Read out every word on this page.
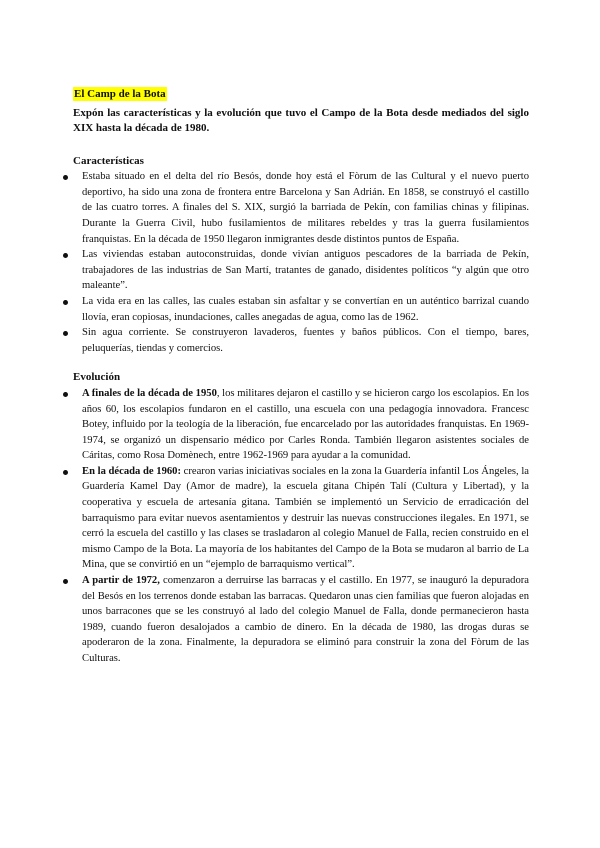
El Camp de la Bota

Expón las características y la evolución que tuvo el Campo de la Bota desde mediados del siglo XIX hasta la década de 1980.

Características
Estaba situado en el delta del río Besós, donde hoy está el Fòrum de las Cultural y el nuevo puerto deportivo, ha sido una zona de frontera entre Barcelona y San Adrián. En 1858, se construyó el castillo de las cuatro torres. A finales del S. XIX, surgió la barriada de Pekín, con familias chinas y filipinas. Durante la Guerra Civil, hubo fusilamientos de militares rebeldes y tras la guerra fusilamientos franquistas. En la década de 1950 llegaron inmigrantes desde distintos puntos de España.
Las viviendas estaban autoconstruidas, donde vivían antiguos pescadores de la barriada de Pekín, trabajadores de las industrias de San Martí, tratantes de ganado, disidentes políticos “y algún que otro maleante”.
La vida era en las calles, las cuales estaban sin asfaltar y se convertían en un auténtico barrizal cuando llovía, eran copiosas, inundaciones, calles anegadas de agua, como las de 1962.
Sin agua corriente. Se construyeron lavaderos, fuentes y baños públicos. Con el tiempo, bares, peluquerías, tiendas y comercios.
Evolución
A finales de la década de 1950, los militares dejaron el castillo y se hicieron cargo los escolapios. En los años 60, los escolapios fundaron en el castillo, una escuela con una pedagogía innovadora. Francesc Botey, influido por la teología de la liberación, fue encarcelado por las autoridades franquistas. En 1969-1974, se organizó un dispensario médico por Carles Ronda. También llegaron asistentes sociales de Cáritas, como Rosa Domènech, entre 1962-1969 para ayudar a la comunidad.
En la década de 1960: crearon varias iniciativas sociales en la zona la Guardería infantil Los Ángeles, la Guardería Kamel Day (Amor de madre), la escuela gitana Chipén Talí (Cultura y Libertad), y la cooperativa y escuela de artesanía gitana. También se implementó un Servicio de erradicación del barraquismo para evitar nuevos asentamientos y destruir las nuevas construcciones ilegales. En 1971, se cerró la escuela del castillo y las clases se trasladaron al colegio Manuel de Falla, recien construido en el mismo Campo de la Bota. La mayoría de los habitantes del Campo de la Bota se mudaron al barrio de La Mina, que se convirtió en un “ejemplo de barraquismo vertical”.
A partir de 1972, comenzaron a derruirse las barracas y el castillo. En 1977, se inauguró la depuradora del Besós en los terrenos donde estaban las barracas. Quedaron unas cien familias que fueron alojadas en unos barracones que se les construyó al lado del colegio Manuel de Falla, donde permanecieron hasta 1989, cuando fueron desalojados a cambio de dinero. En la década de 1980, las drogas duras se apoderaron de la zona. Finalmente, la depuradora se eliminó para construir la zona del Fòrum de las Culturas.
